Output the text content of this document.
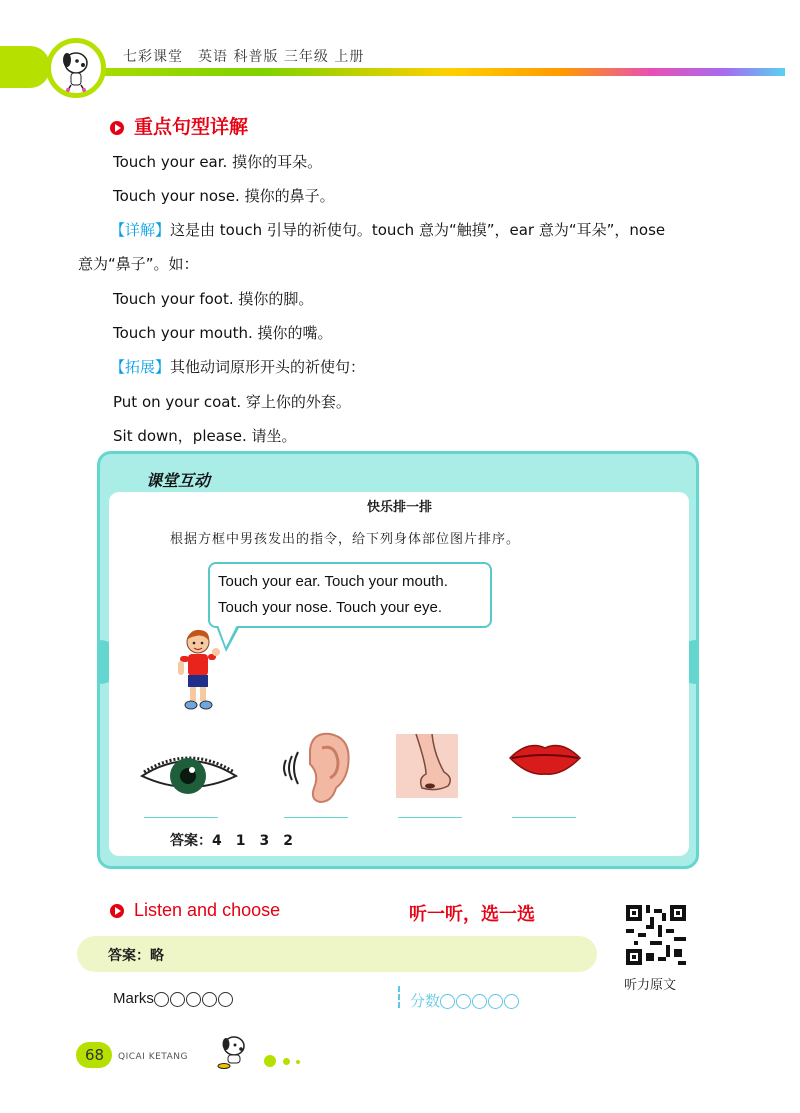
七彩课堂　英语 科普版 三年级 上册
重点句型详解
Touch your ear. 摸你的耳朵。
Touch your nose. 摸你的鼻子。
【详解】这是由 touch 引导的祈使句。touch 意为“触摸”，ear 意为“耳朵”，nose
意为“鼻子”。如：
Touch your foot. 摸你的脚。
Touch your mouth. 摸你的嘴。
【拓展】其他动词原形开头的祈使句：
Put on your coat. 穿上你的外套。
Sit down，please. 请坐。
课堂互动
快乐排一排
根据方框中男孩发出的指令，给下列身体部位图片排序。
Touch your ear. Touch your mouth.
Touch your nose. Touch your eye.
答案：4　1　3　2
Listen and choose	听一听，选一选
听力原文
答案：略
Marks	分数
68 QICAI KETANG
